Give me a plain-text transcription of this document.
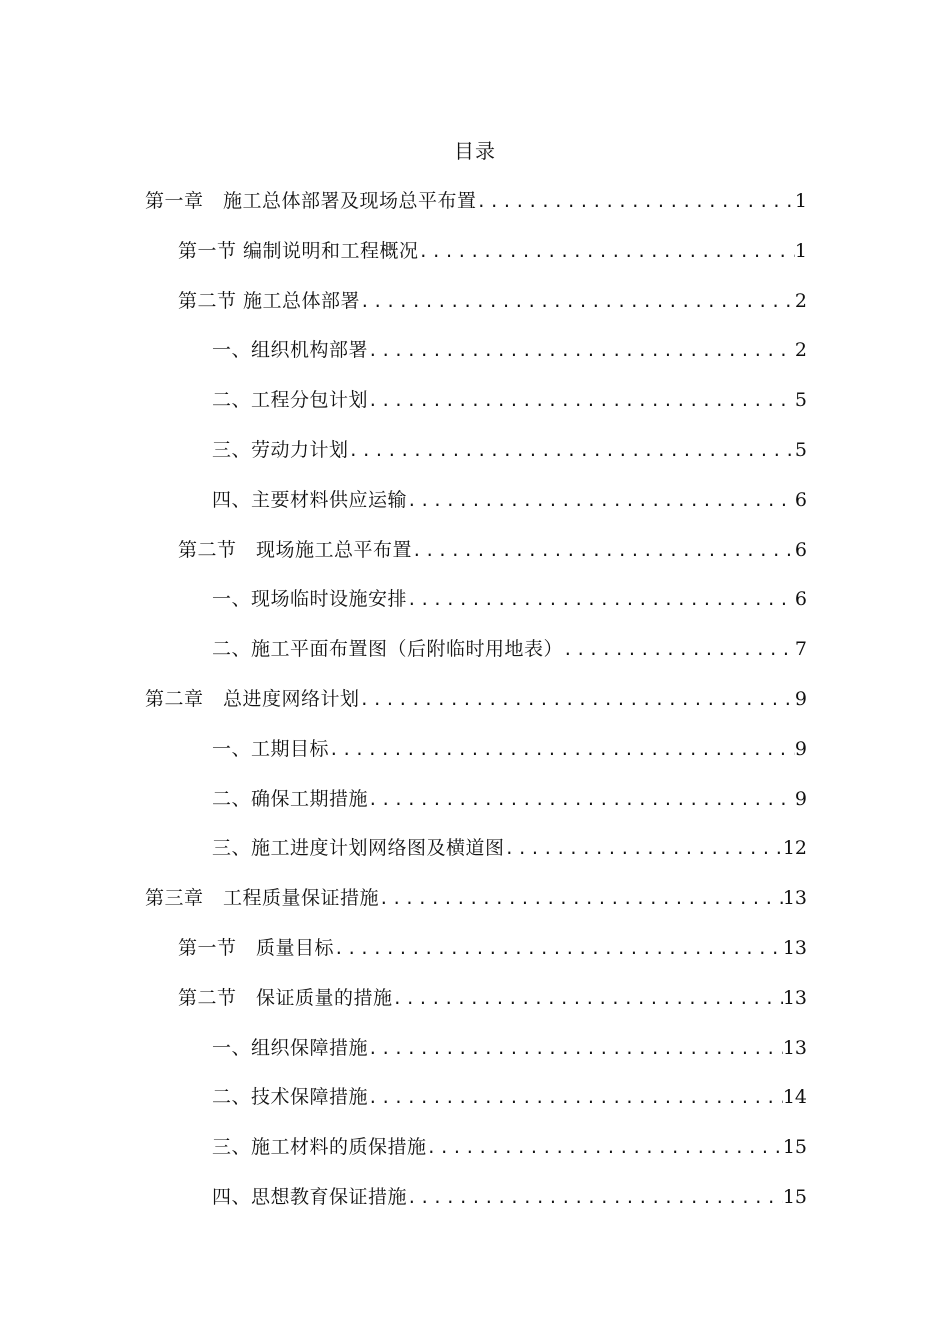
目录
第一章　施工总体部署及现场总平布置 .....	1
第一节 编制说明和工程概况 .....	1
第二节 施工总体部署 .....	2
一、组织机构部署 .....	2
二、工程分包计划 .....	5
三、劳动力计划 .....	5
四、主要材料供应运输 .....	6
第二节　现场施工总平布置 .....	6
一、现场临时设施安排 .....	6
二、施工平面布置图（后附临时用地表） .....	7
第二章　总进度网络计划 .....	9
一、工期目标 .....	9
二、确保工期措施 .....	9
三、施工进度计划网络图及横道图 .....	12
第三章　工程质量保证措施 .....	13
第一节　质量目标 .....	13
第二节　保证质量的措施 .....	13
一、组织保障措施 .....	13
二、技术保障措施 .....	14
三、施工材料的质保措施 .....	15
四、思想教育保证措施 .....	15
